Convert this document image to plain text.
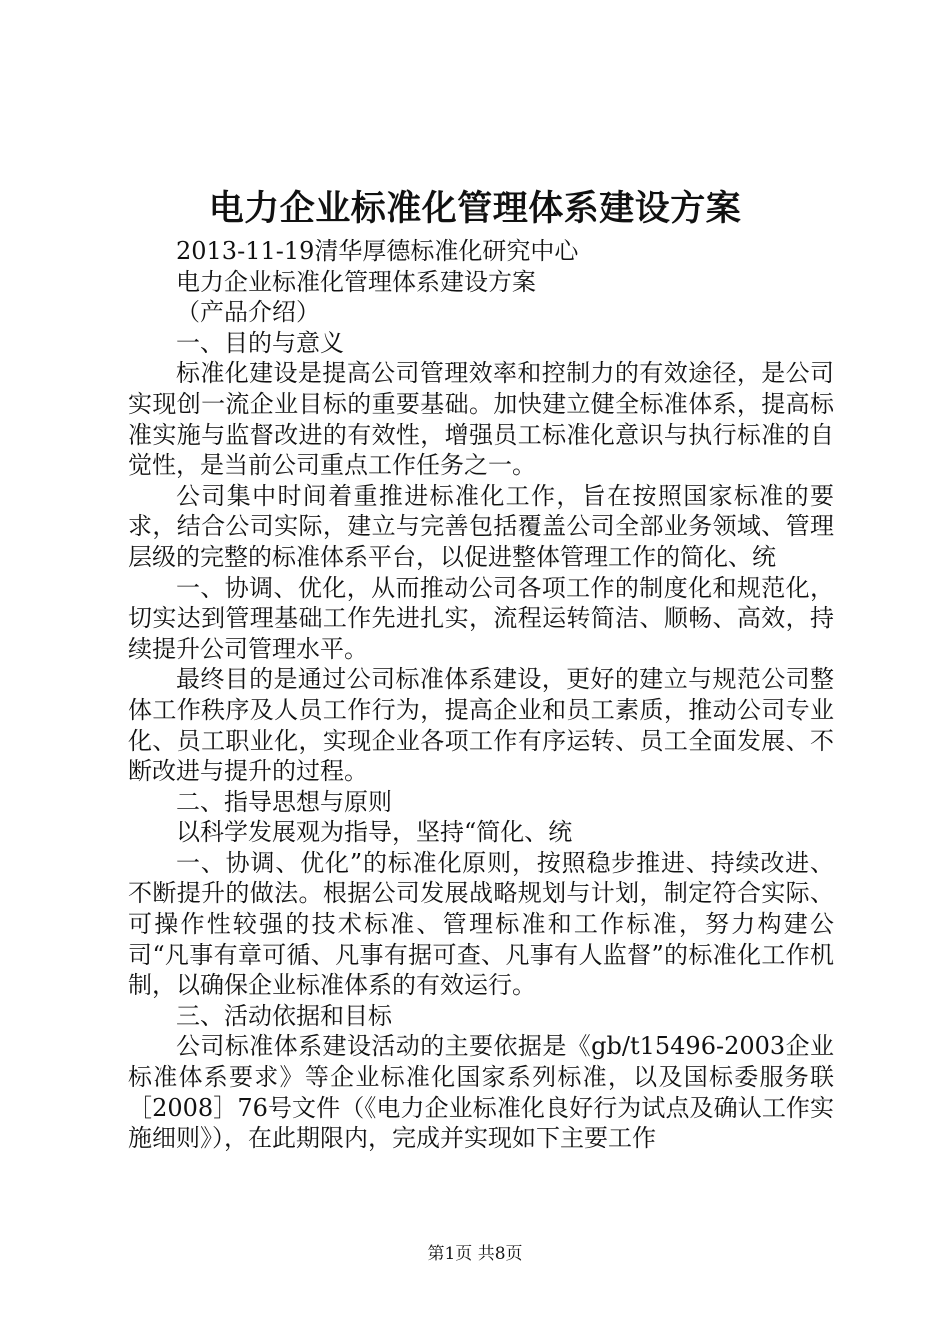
电力企业标准化管理体系建设方案

2013-11-19清华厚德标准化研究中心

电力企业标准化管理体系建设方案

（产品介绍）

一、目的与意义

标准化建设是提高公司管理效率和控制力的有效途径，是公司实现创一流企业目标的重要基础。加快建立健全标准体系，提高标准实施与监督改进的有效性，增强员工标准化意识与执行标准的自觉性，是当前公司重点工作任务之一。

公司集中时间着重推进标准化工作，旨在按照国家标准的要求，结合公司实际，建立与完善包括覆盖公司全部业务领域、管理层级的完整的标准体系平台，以促进整体管理工作的简化、统

一、协调、优化，从而推动公司各项工作的制度化和规范化，切实达到管理基础工作先进扎实，流程运转简洁、顺畅、高效，持续提升公司管理水平。

最终目的是通过公司标准体系建设，更好的建立与规范公司整体工作秩序及人员工作行为，提高企业和员工素质，推动公司专业化、员工职业化，实现企业各项工作有序运转、员工全面发展、不断改进与提升的过程。

二、指导思想与原则

以科学发展观为指导，坚持“简化、统

一、协调、优化”的标准化原则，按照稳步推进、持续改进、不断提升的做法。根据公司发展战略规划与计划，制定符合实际、可操作性较强的技术标准、管理标准和工作标准，努力构建公司“凡事有章可循、凡事有据可查、凡事有人监督”的标准化工作机制，以确保企业标准体系的有效运行。

三、活动依据和目标

公司标准体系建设活动的主要依据是《gb/t15496-2003企业标准体系要求》等企业标准化国家系列标准，以及国标委服务联［2008］76号文件（《电力企业标准化良好行为试点及确认工作实施细则》），在此期限内，完成并实现如下主要工作

第1页 共8页
